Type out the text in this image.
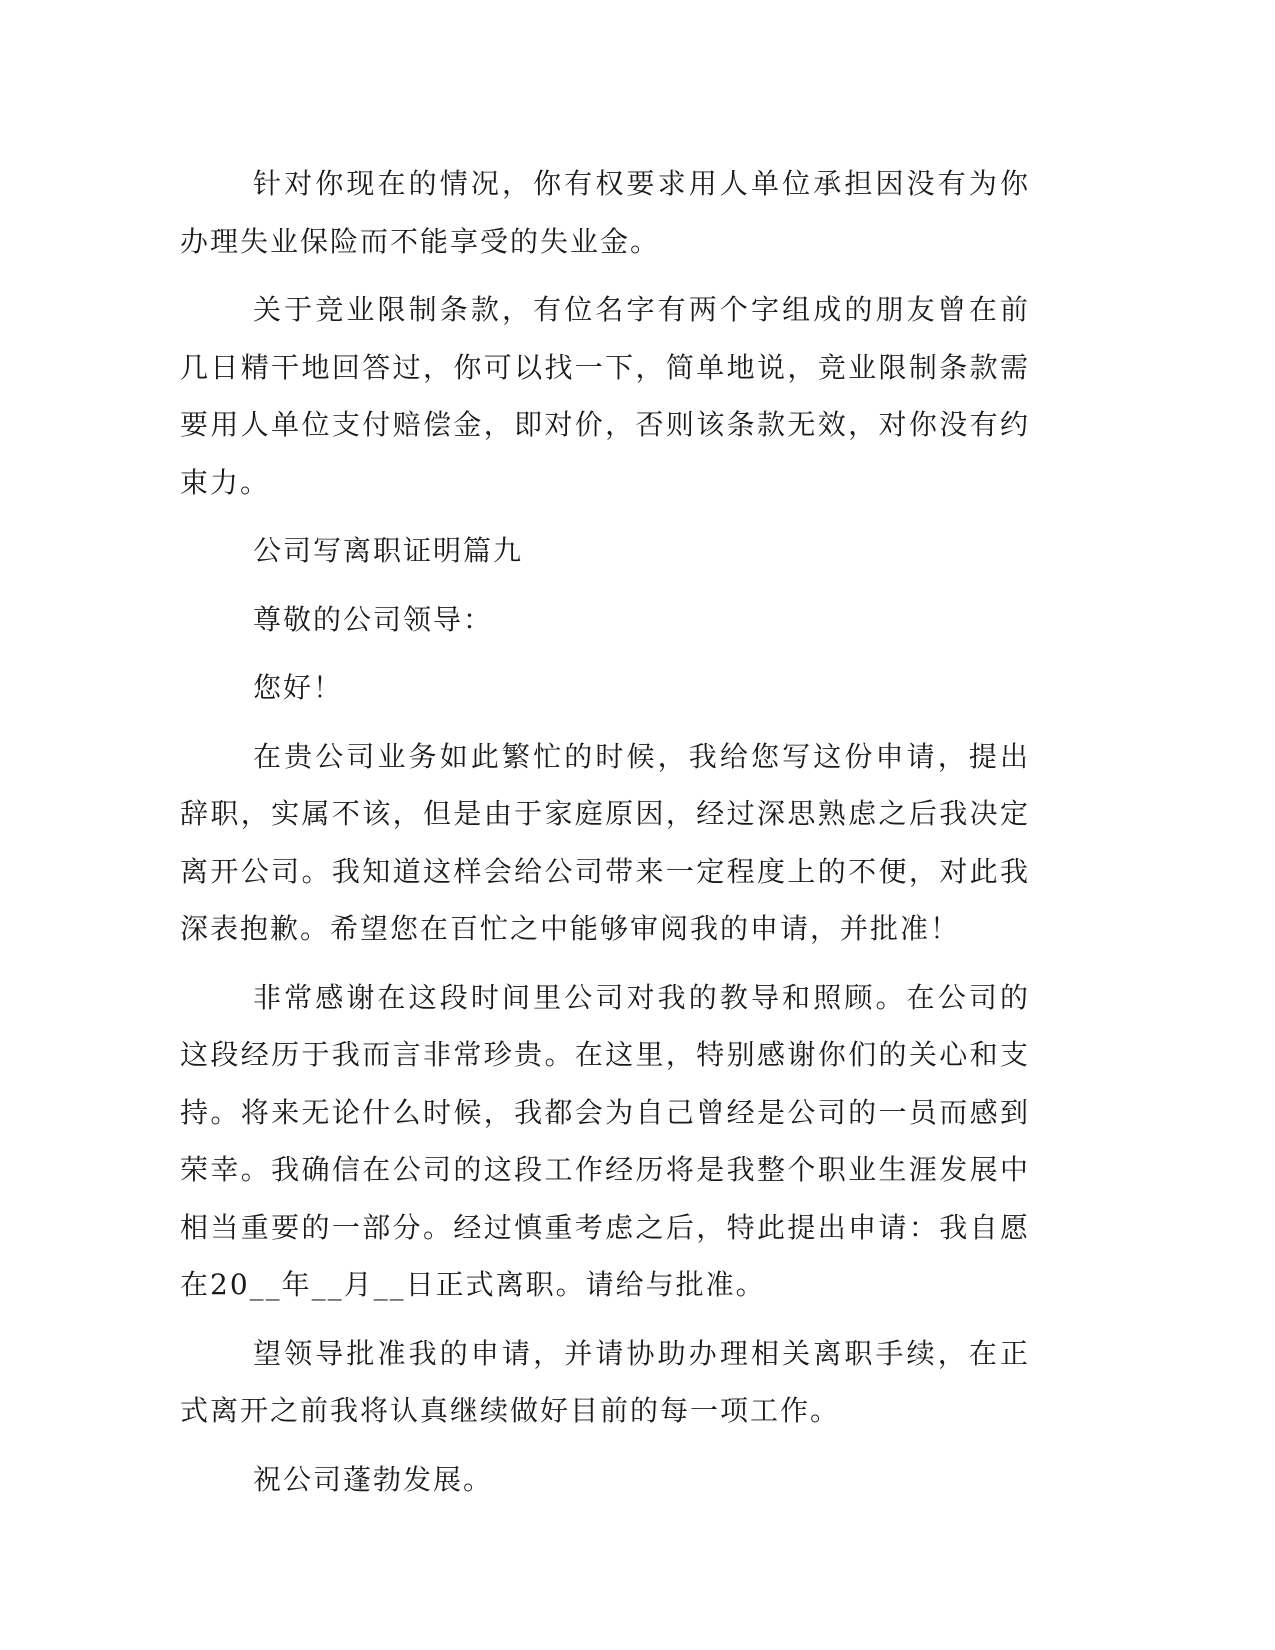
针对你现在的情况，你有权要求用人单位承担因没有为你办理失业保险而不能享受的失业金。

关于竞业限制条款，有位名字有两个字组成的朋友曾在前几日精干地回答过，你可以找一下，简单地说，竞业限制条款需要用人单位支付赔偿金，即对价，否则该条款无效，对你没有约束力。

公司写离职证明篇九

尊敬的公司领导：

您好！

在贵公司业务如此繁忙的时候，我给您写这份申请，提出辞职，实属不该，但是由于家庭原因，经过深思熟虑之后我决定离开公司。我知道这样会给公司带来一定程度上的不便，对此我深表抱歉。希望您在百忙之中能够审阅我的申请，并批准！

非常感谢在这段时间里公司对我的教导和照顾。在公司的这段经历于我而言非常珍贵。在这里，特别感谢你们的关心和支持。将来无论什么时候，我都会为自己曾经是公司的一员而感到荣幸。我确信在公司的这段工作经历将是我整个职业生涯发展中相当重要的一部分。经过慎重考虑之后，特此提出申请：我自愿在20__年__月__日正式离职。请给与批准。

望领导批准我的申请，并请协助办理相关离职手续，在正式离开之前我将认真继续做好目前的每一项工作。

祝公司蓬勃发展。
